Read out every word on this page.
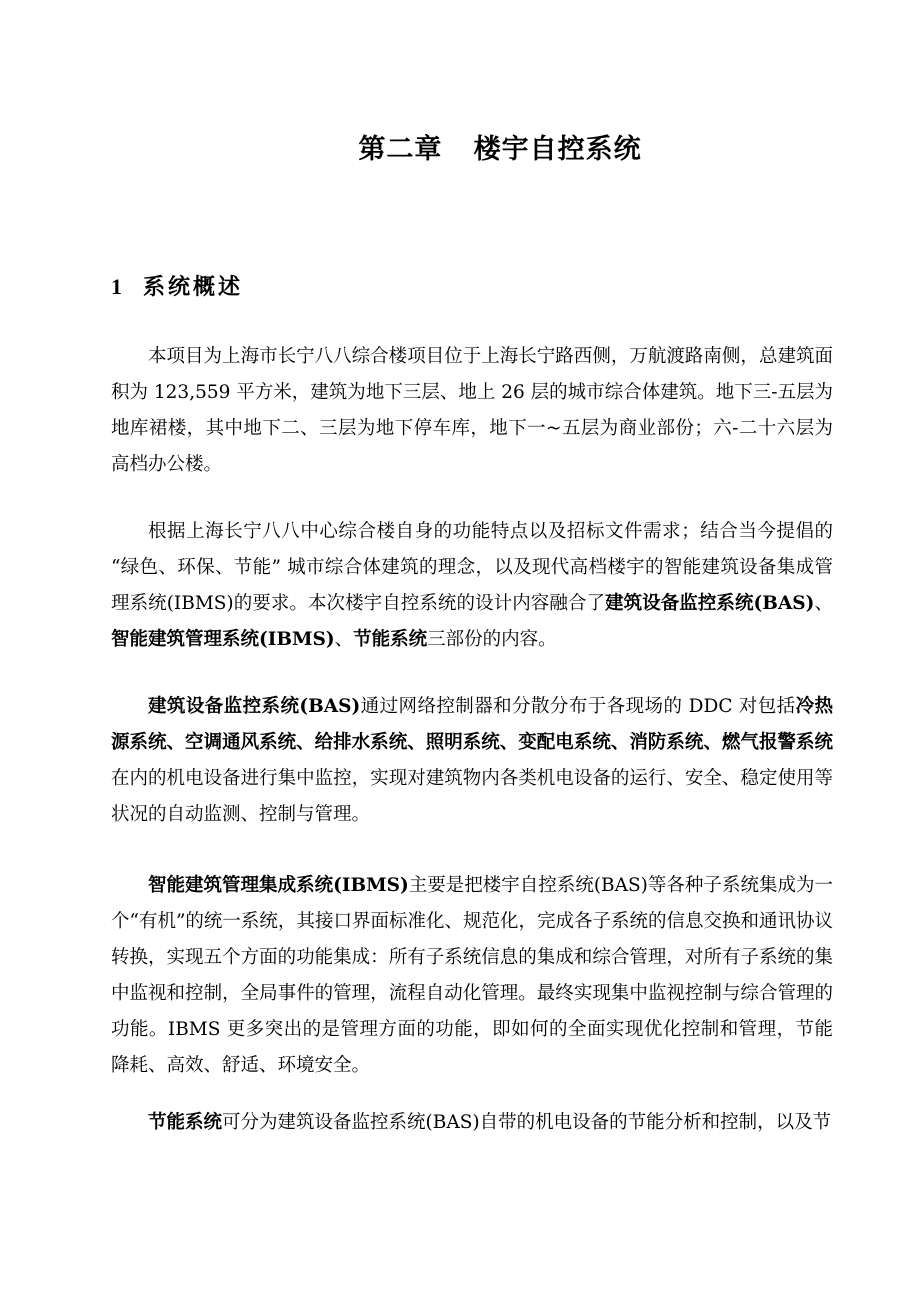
第二章 楼宇自控系统
1 系统概述

本项目为上海市长宁八八综合楼项目位于上海长宁路西侧，万航渡路南侧，总建筑面积为 123,559 平方米，建筑为地下三层、地上 26 层的城市综合体建筑。地下三-五层为地库裙楼，其中地下二、三层为地下停车库，地下一~五层为商业部份；六-二十六层为高档办公楼。

根据上海长宁八八中心综合楼自身的功能特点以及招标文件需求；结合当今提倡的 “绿色、环保、节能” 城市综合体建筑的理念，以及现代高档楼宇的智能建筑设备集成管理系统(IBMS)的要求。本次楼宇自控系统的设计内容融合了建筑设备监控系统(BAS)、智能建筑管理系统(IBMS)、节能系统三部份的内容。

建筑设备监控系统(BAS)通过网络控制器和分散分布于各现场的 DDC 对包括冷热源系统、空调通风系统、给排水系统、照明系统、变配电系统、消防系统、燃气报警系统在内的机电设备进行集中监控，实现对建筑物内各类机电设备的运行、安全、稳定使用等状况的自动监测、控制与管理。

智能建筑管理集成系统(IBMS)主要是把楼宇自控系统(BAS)等各种子系统集成为一个“有机”的统一系统，其接口界面标准化、规范化，完成各子系统的信息交换和通讯协议转换，实现五个方面的功能集成：所有子系统信息的集成和综合管理，对所有子系统的集中监视和控制，全局事件的管理，流程自动化管理。最终实现集中监视控制与综合管理的功能。IBMS 更多突出的是管理方面的功能，即如何的全面实现优化控制和管理，节能降耗、高效、舒适、环境安全。

节能系统可分为建筑设备监控系统(BAS)自带的机电设备的节能分析和控制，以及节
